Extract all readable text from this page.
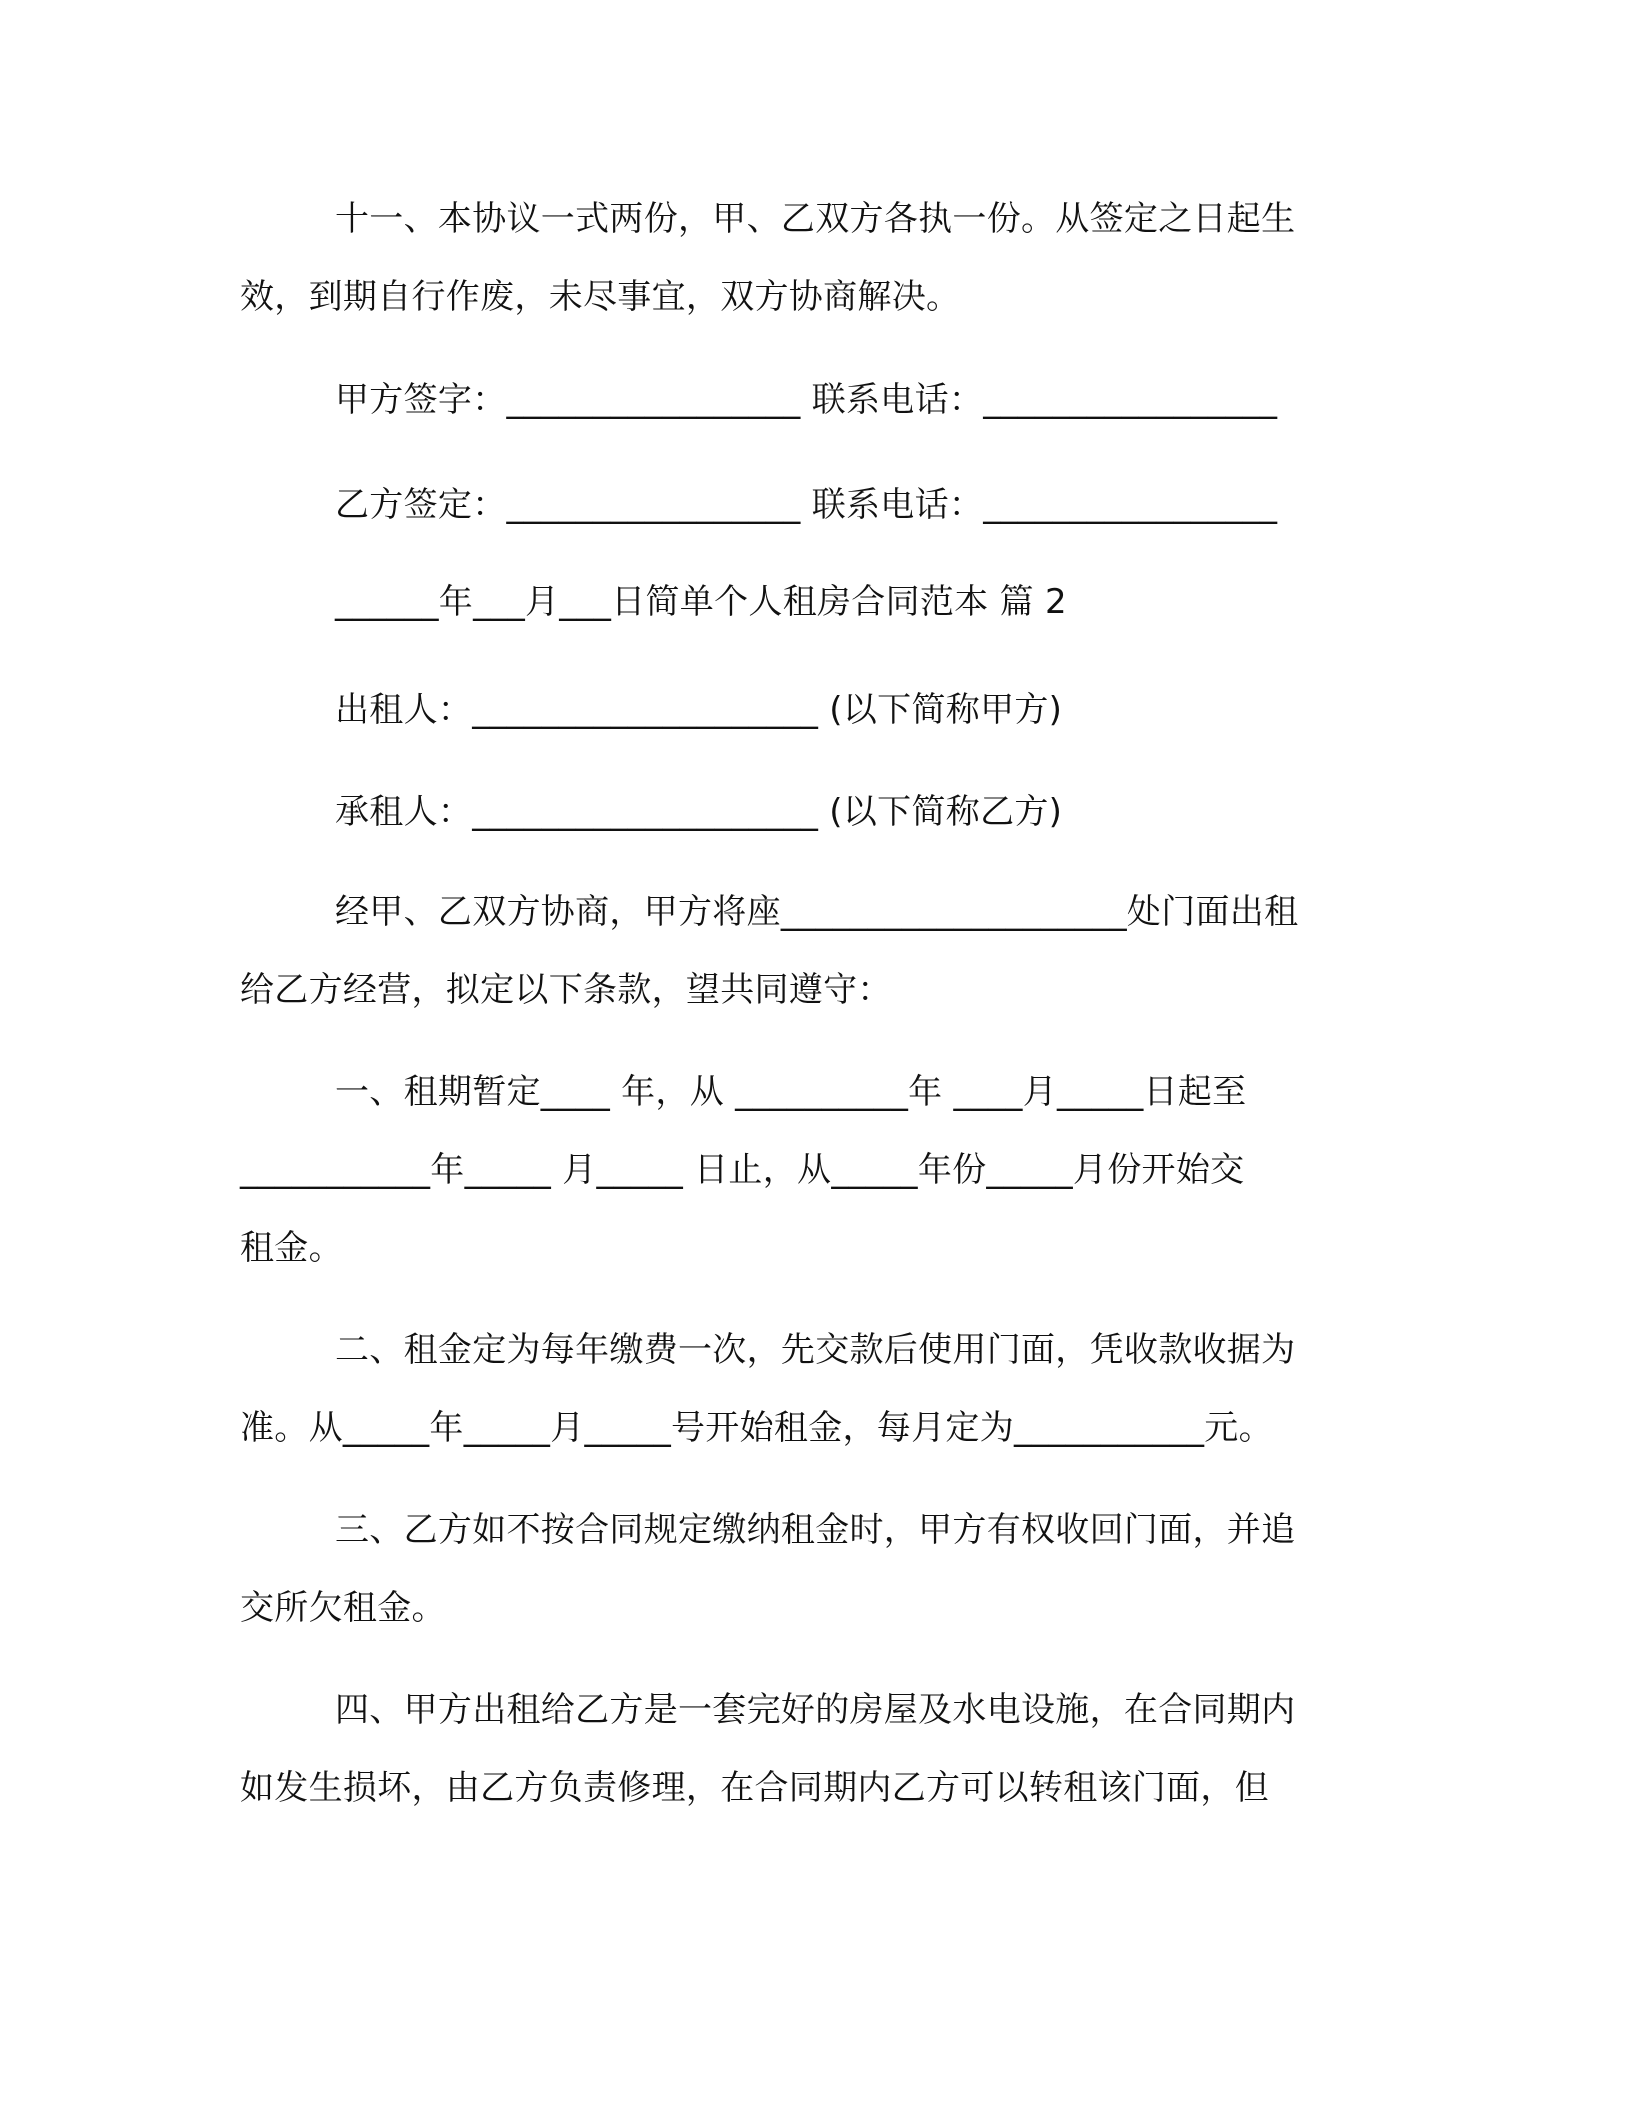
十一、本协议一式两份，甲、乙双方各执一份。从签定之日起生
效，到期自行作废，未尽事宜，双方协商解决。
甲方签字：_________________ 联系电话：_________________
乙方签定：_________________ 联系电话：_________________
______年___月___日简单个人租房合同范本 篇 2
出租人：____________________ (以下简称甲方)
承租人：____________________ (以下简称乙方)
经甲、乙双方协商，甲方将座____________________处门面出租
给乙方经营，拟定以下条款，望共同遵守：
一、租期暂定____ 年，从 __________年 ____月_____日起至
___________年_____ 月_____ 日止，从_____年份_____月份开始交
租金。
二、租金定为每年缴费一次，先交款后使用门面，凭收款收据为
准。从_____年_____月_____号开始租金，每月定为___________元。
三、乙方如不按合同规定缴纳租金时，甲方有权收回门面，并追
交所欠租金。
四、甲方出租给乙方是一套完好的房屋及水电设施，在合同期内
如发生损坏，由乙方负责修理，在合同期内乙方可以转租该门面，但
